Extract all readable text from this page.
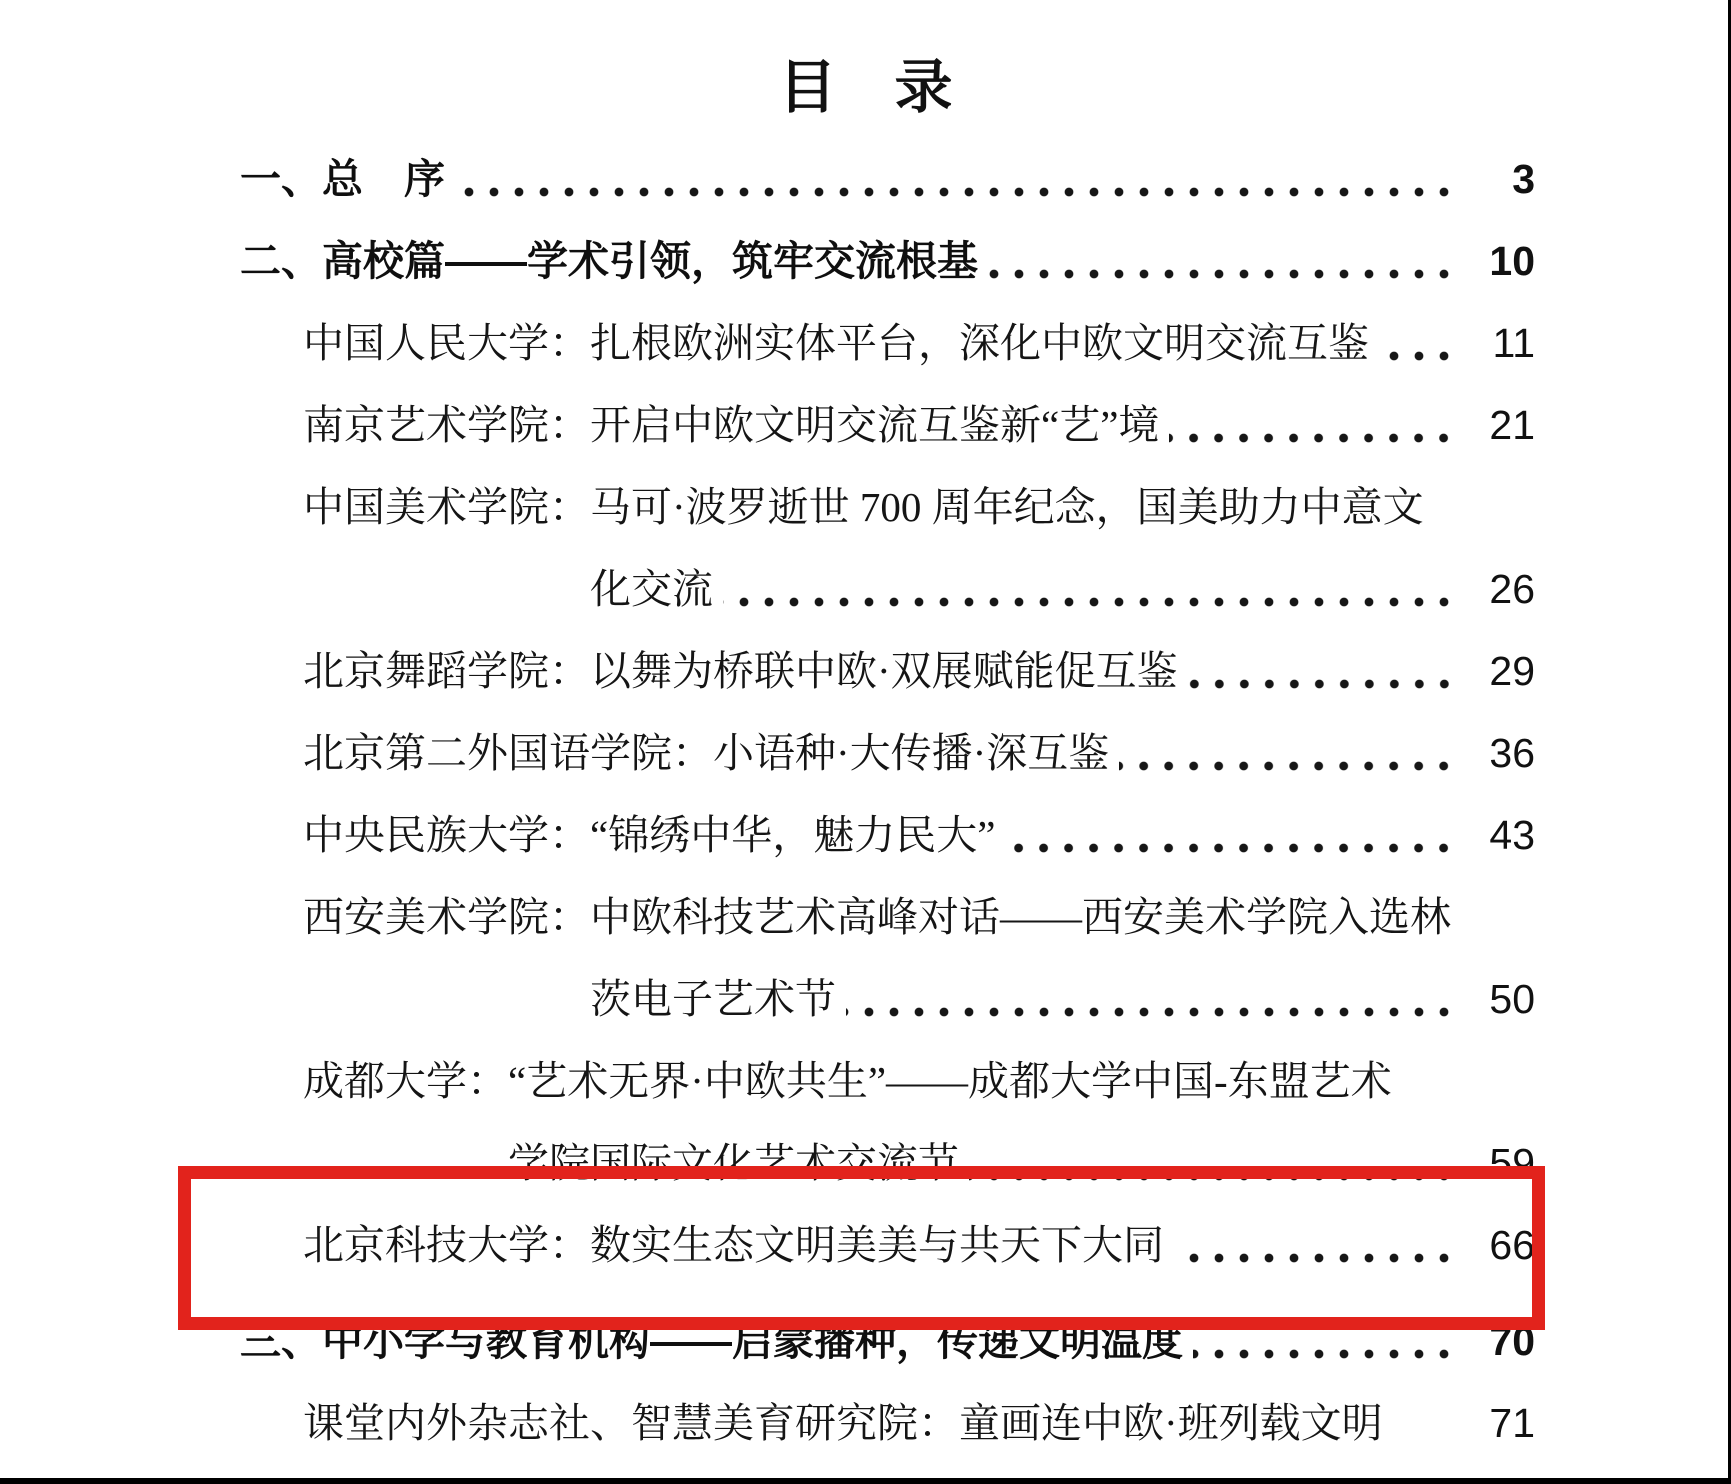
目　录
一、总　序	3
二、高校篇——学术引领，筑牢交流根基	10
中国人民大学：扎根欧洲实体平台，深化中欧文明交流互鉴	11
南京艺术学院：开启中欧文明交流互鉴新“艺”境	21
中国美术学院：马可·波罗逝世 700 周年纪念，国美助力中意文
化交流	26
北京舞蹈学院：以舞为桥联中欧·双展赋能促互鉴	29
北京第二外国语学院：小语种·大传播·深互鉴	36
中央民族大学：“锦绣中华，魅力民大”	43
西安美术学院：中欧科技艺术高峰对话——西安美术学院入选林
茨电子艺术节	50
成都大学：“艺术无界·中欧共生”——成都大学中国-东盟艺术
学院国际文化艺术交流节	59
北京科技大学：数实生态文明美美与共天下大同	66
三、中小学与教育机构——启蒙播种，传递文明温度	70
课堂内外杂志社、智慧美育研究院：童画连中欧·班列载文明	71
